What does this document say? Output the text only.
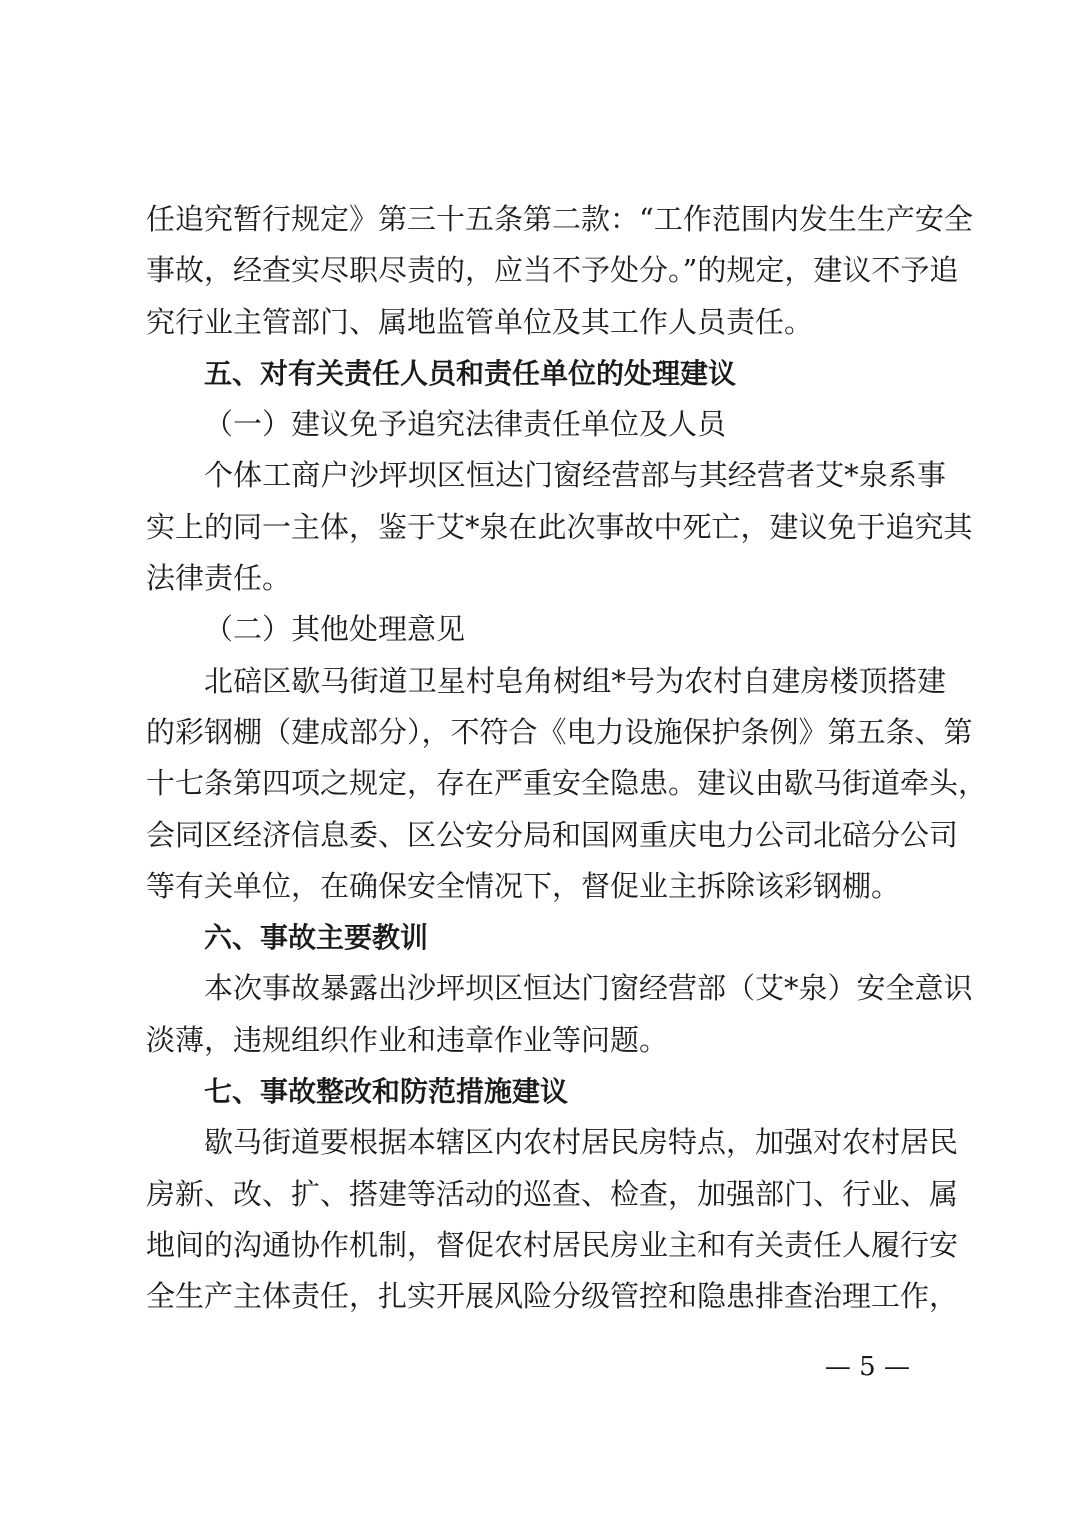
任追究暂行规定》第三十五条第二款：“工作范围内发生生产安全
事故，经查实尽职尽责的，应当不予处分。”的规定，建议不予追
究行业主管部门、属地监管单位及其工作人员责任。
五、对有关责任人员和责任单位的处理建议
（一）建议免予追究法律责任单位及人员
个体工商户沙坪坝区恒达门窗经营部与其经营者艾*泉系事
实上的同一主体，鉴于艾*泉在此次事故中死亡，建议免于追究其
法律责任。
（二）其他处理意见
北碚区歇马街道卫星村皂角树组*号为农村自建房楼顶搭建
的彩钢棚（建成部分），不符合《电力设施保护条例》第五条、第
十七条第四项之规定，存在严重安全隐患。建议由歇马街道牵头，
会同区经济信息委、区公安分局和国网重庆电力公司北碚分公司
等有关单位，在确保安全情况下，督促业主拆除该彩钢棚。
六、事故主要教训
本次事故暴露出沙坪坝区恒达门窗经营部（艾*泉）安全意识
淡薄，违规组织作业和违章作业等问题。
七、事故整改和防范措施建议
歇马街道要根据本辖区内农村居民房特点，加强对农村居民
房新、改、扩、搭建等活动的巡查、检查，加强部门、行业、属
地间的沟通协作机制，督促农村居民房业主和有关责任人履行安
全生产主体责任，扎实开展风险分级管控和隐患排查治理工作，
— 5 —
